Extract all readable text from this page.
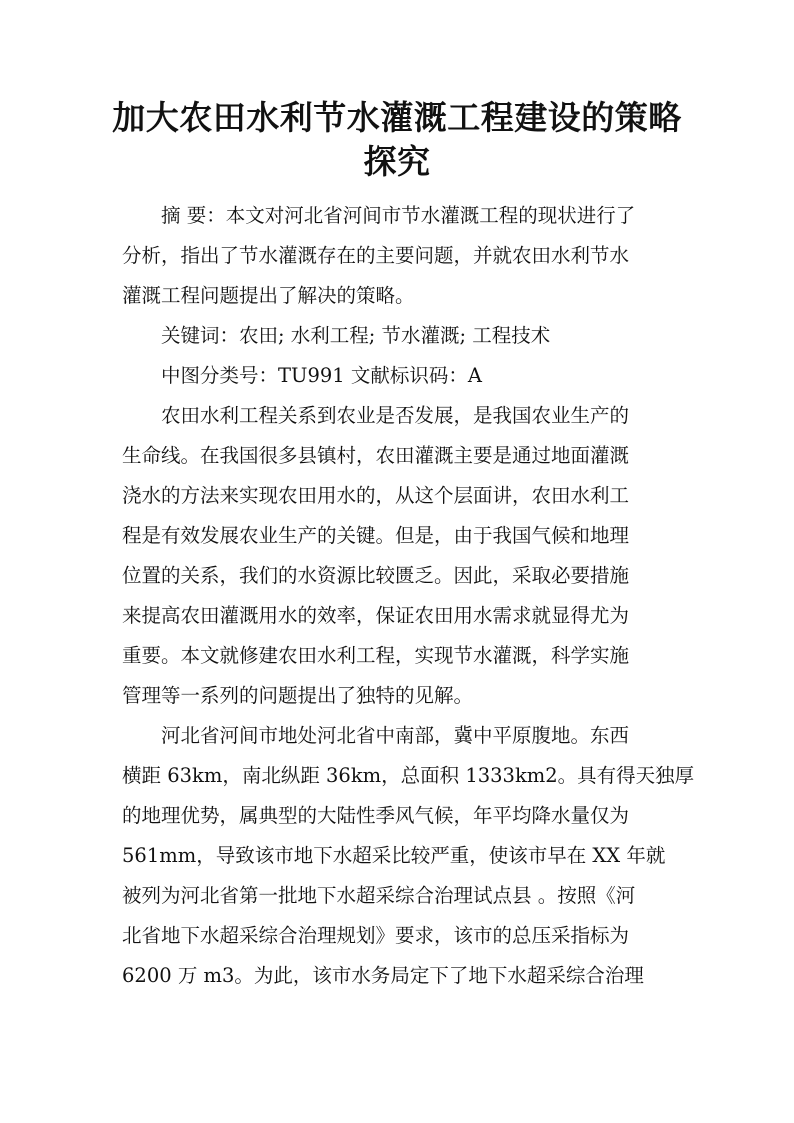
加大农田水利节水灌溉工程建设的策略
探究

摘 要：本文对河北省河间市节水灌溉工程的现状进行了
分析，指出了节水灌溉存在的主要问题，并就农田水利节水
灌溉工程问题提出了解决的策略。

关键词：农田; 水利工程; 节水灌溉; 工程技术

中图分类号：TU991 文献标识码：A

农田水利工程关系到农业是否发展，是我国农业生产的
生命线。在我国很多县镇村，农田灌溉主要是通过地面灌溉
浇水的方法来实现农田用水的，从这个层面讲，农田水利工
程是有效发展农业生产的关键。但是，由于我国气候和地理
位置的关系，我们的水资源比较匮乏。因此，采取必要措施
来提高农田灌溉用水的效率，保证农田用水需求就显得尤为
重要。本文就修建农田水利工程，实现节水灌溉，科学实施
管理等一系列的问题提出了独特的见解。

河北省河间市地处河北省中南部，冀中平原腹地。东西
横距 63km，南北纵距 36km，总面积 1333km2。具有得天独厚
的地理优势，属典型的大陆性季风气候，年平均降水量仅为
561mm，导致该市地下水超采比较严重，使该市早在 XX 年就
被列为河北省第一批地下水超采综合治理试点县 。按照《河
北省地下水超采综合治理规划》要求，该市的总压采指标为
6200 万 m3。为此，该市水务局定下了地下水超采综合治理
